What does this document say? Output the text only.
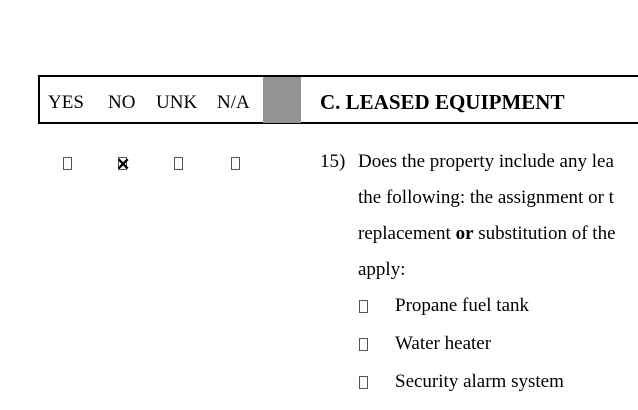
YES NO UNK N/A	C. LEASED EQUIPMENT
✕	15) Does the property include any lea
the following: the assignment or t
replacement or substitution of the
apply:
Propane fuel tank
Water heater
Security alarm system
